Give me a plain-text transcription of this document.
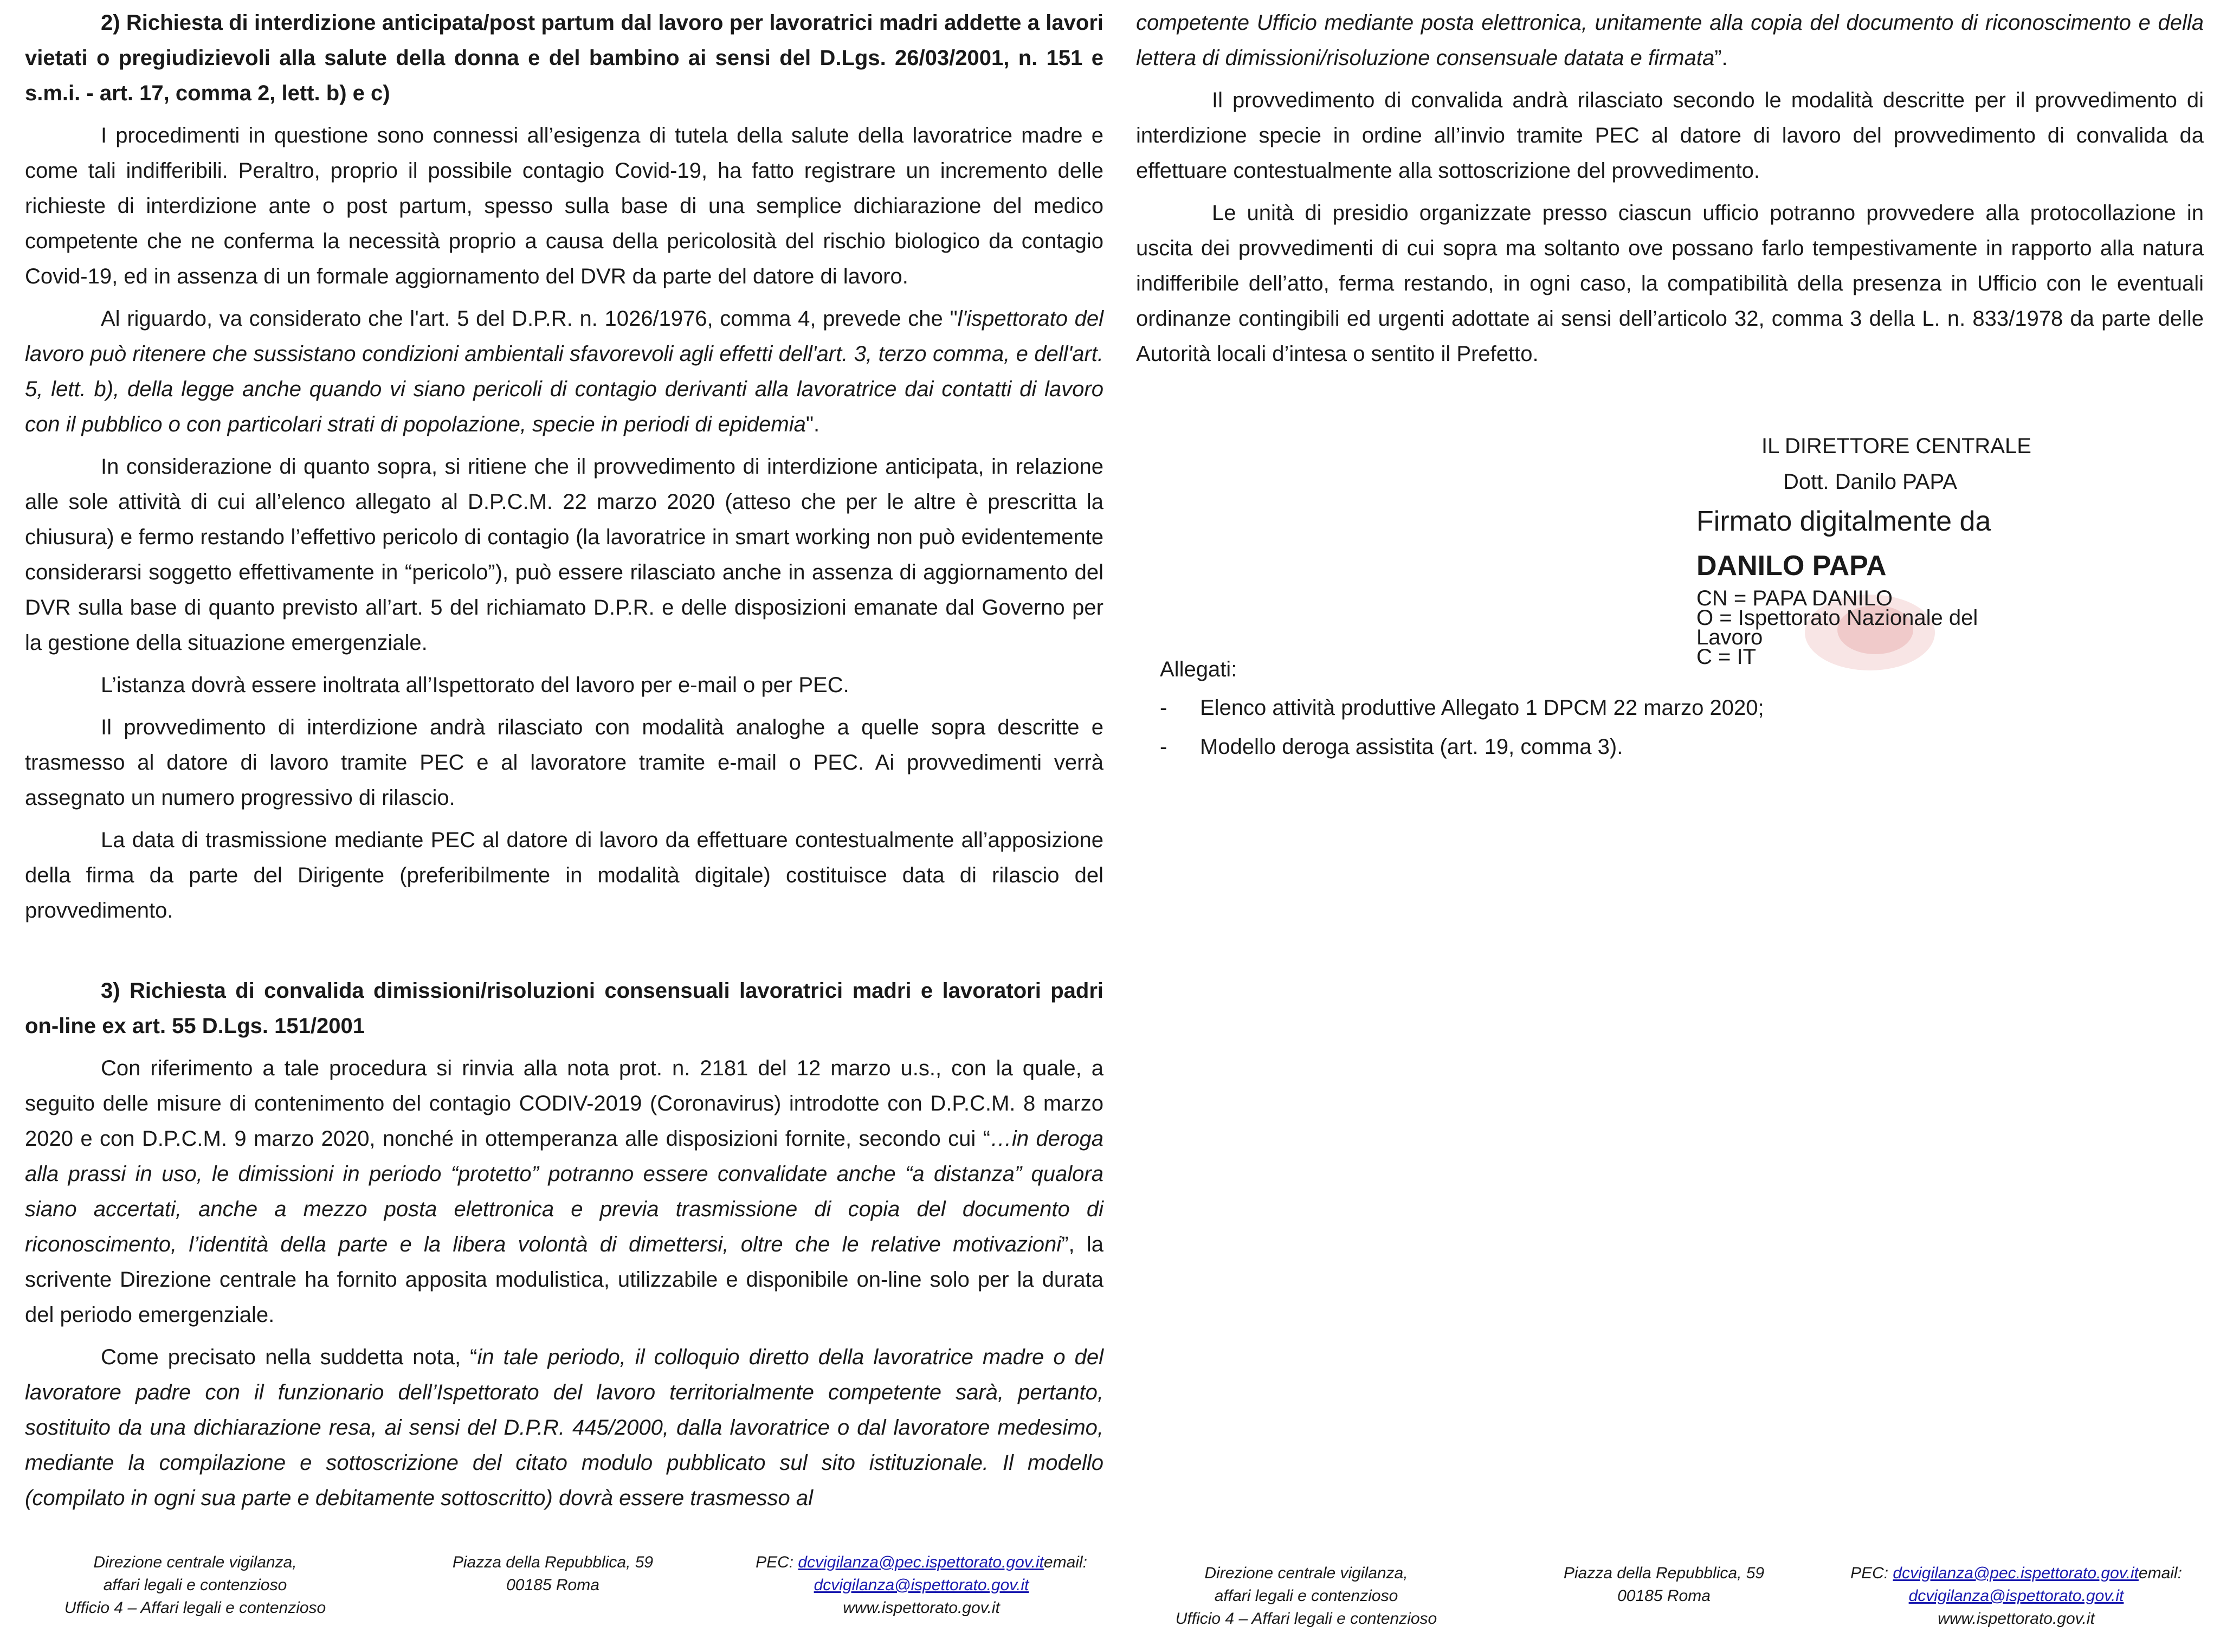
2) Richiesta di interdizione anticipata/post partum dal lavoro per lavoratrici madri addette a lavori vietati o pregiudizievoli alla salute della donna e del bambino ai sensi del D.Lgs. 26/03/2001, n. 151 e s.m.i. - art. 17, comma 2, lett. b) e c)

I procedimenti in questione sono connessi all’esigenza di tutela della salute della lavoratrice madre e come tali indifferibili. Peraltro, proprio il possibile contagio Covid-19, ha fatto registrare un incremento delle richieste di interdizione ante o post partum, spesso sulla base di una semplice dichiarazione del medico competente che ne conferma la necessità proprio a causa della pericolosità del rischio biologico da contagio Covid-19, ed in assenza di un formale aggiornamento del DVR da parte del datore di lavoro.

Al riguardo, va considerato che l'art. 5 del D.P.R. n. 1026/1976, comma 4, prevede che "l'ispettorato del lavoro può ritenere che sussistano condizioni ambientali sfavorevoli agli effetti dell'art. 3, terzo comma, e dell'art. 5, lett. b), della legge anche quando vi siano pericoli di contagio derivanti alla lavoratrice dai contatti di lavoro con il pubblico o con particolari strati di popolazione, specie in periodi di epidemia".

In considerazione di quanto sopra, si ritiene che il provvedimento di interdizione anticipata, in relazione alle sole attività di cui all’elenco allegato al D.P.C.M. 22 marzo 2020 (atteso che per le altre è prescritta la chiusura) e fermo restando l’effettivo pericolo di contagio (la lavoratrice in smart working non può evidentemente considerarsi soggetto effettivamente in “pericolo”), può essere rilasciato anche in assenza di aggiornamento del DVR sulla base di quanto previsto all’art. 5 del richiamato D.P.R. e delle disposizioni emanate dal Governo per la gestione della situazione emergenziale.

L’istanza dovrà essere inoltrata all’Ispettorato del lavoro per e-mail o per PEC.

Il provvedimento di interdizione andrà rilasciato con modalità analoghe a quelle sopra descritte e trasmesso al datore di lavoro tramite PEC e al lavoratore tramite e-mail o PEC. Ai provvedimenti verrà assegnato un numero progressivo di rilascio.

La data di trasmissione mediante PEC al datore di lavoro da effettuare contestualmente all’apposizione della firma da parte del Dirigente (preferibilmente in modalità digitale) costituisce data di rilascio del provvedimento.

3) Richiesta di convalida dimissioni/risoluzioni consensuali lavoratrici madri e lavoratori padri on-line ex art. 55 D.Lgs. 151/2001

Con riferimento a tale procedura si rinvia alla nota prot. n. 2181 del 12 marzo u.s., con la quale, a seguito delle misure di contenimento del contagio CODIV-2019 (Coronavirus) introdotte con D.P.C.M. 8 marzo 2020 e con D.P.C.M. 9 marzo 2020, nonché in ottemperanza alle disposizioni fornite, secondo cui “…in deroga alla prassi in uso, le dimissioni in periodo “protetto” potranno essere convalidate anche “a distanza” qualora siano accertati, anche a mezzo posta elettronica e previa trasmissione di copia del documento di riconoscimento, l’identità della parte e la libera volontà di dimettersi, oltre che le relative motivazioni”, la scrivente Direzione centrale ha fornito apposita modulistica, utilizzabile e disponibile on-line solo per la durata del periodo emergenziale.

Come precisato nella suddetta nota, “in tale periodo, il colloquio diretto della lavoratrice madre o del lavoratore padre con il funzionario dell’Ispettorato del lavoro territorialmente competente sarà, pertanto, sostituito da una dichiarazione resa, ai sensi del D.P.R. 445/2000, dalla lavoratrice o dal lavoratore medesimo, mediante la compilazione e sottoscrizione del citato modulo pubblicato sul sito istituzionale. Il modello (compilato in ogni sua parte e debitamente sottoscritto) dovrà essere trasmesso al

Direzione centrale vigilanza,
affari legali e contenzioso
Ufficio 4 – Affari legali e contenzioso
Piazza della Repubblica, 59
00185 Roma
PEC: dcvigilanza@pec.ispettorato.gov.itemail:
dcvigilanza@ispettorato.gov.it
www.ispettorato.gov.it

competente Ufficio mediante posta elettronica, unitamente alla copia del documento di riconoscimento e della lettera di dimissioni/risoluzione consensuale datata e firmata”.

Il provvedimento di convalida andrà rilasciato secondo le modalità descritte per il provvedimento di interdizione specie in ordine all’invio tramite PEC al datore di lavoro del provvedimento di convalida da effettuare contestualmente alla sottoscrizione del provvedimento.

Le unità di presidio organizzate presso ciascun ufficio potranno provvedere alla protocollazione in uscita dei provvedimenti di cui sopra ma soltanto ove possano farlo tempestivamente in rapporto alla natura indifferibile dell’atto, ferma restando, in ogni caso, la compatibilità della presenza in Ufficio con le eventuali ordinanze contingibili ed urgenti adottate ai sensi dell’articolo 32, comma 3 della L. n. 833/1978 da parte delle Autorità locali d’intesa o sentito il Prefetto.

Direzione centrale vigilanza,
affari legali e contenzioso
Ufficio 4 – Affari legali e contenzioso
Piazza della Repubblica, 59
00185 Roma
PEC: dcvigilanza@pec.ispettorato.gov.itemail:
dcvigilanza@ispettorato.gov.it
www.ispettorato.gov.it
IL DIRETTORE CENTRALE
Dott. Danilo PAPA
Firmato digitalmente da
DANILO PAPA
CN = PAPA DANILO
O = Ispettorato Nazionale del Lavoro
C = IT
Allegati:
- Elenco attività produttive Allegato 1 DPCM 22 marzo 2020;
- Modello deroga assistita (art. 19, comma 3).
